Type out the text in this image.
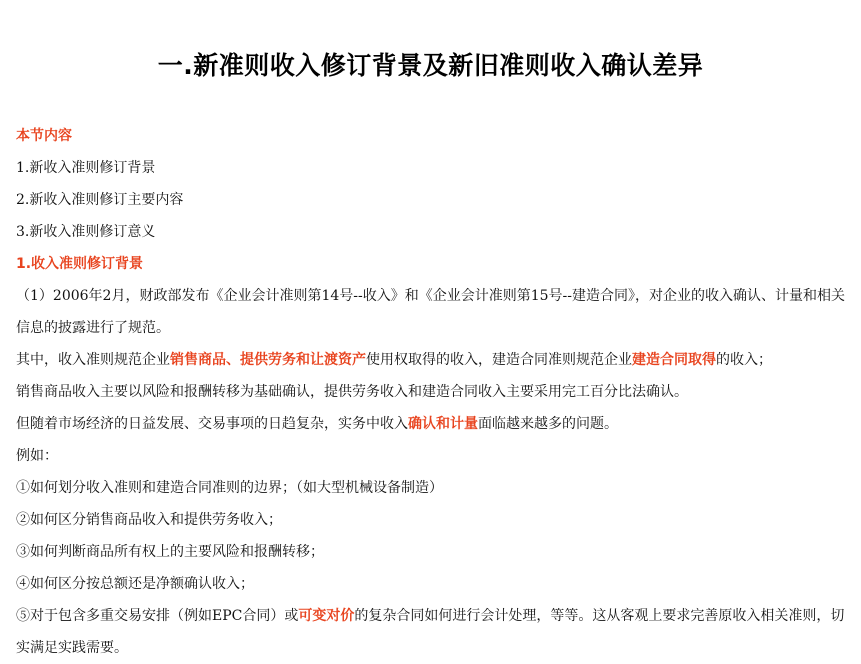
一.新准则收入修订背景及新旧准则收入确认差异
本节内容
1.新收入准则修订背景
2.新收入准则修订主要内容
3.新收入准则修订意义
1.收入准则修订背景
（1）2006年2月，财政部发布《企业会计准则第14号--收入》和《企业会计准则第15号--建造合同》，对企业的收入确认、计量和相关信息的披露进行了规范。
其中，收入准则规范企业销售商品、提供劳务和让渡资产使用权取得的收入，建造合同准则规范企业建造合同取得的收入；
销售商品收入主要以风险和报酬转移为基础确认，提供劳务收入和建造合同收入主要采用完工百分比法确认。
但随着市场经济的日益发展、交易事项的日趋复杂，实务中收入确认和计量面临越来越多的问题。
例如：
①如何划分收入准则和建造合同准则的边界；（如大型机械设备制造）
②如何区分销售商品收入和提供劳务收入；
③如何判断商品所有权上的主要风险和报酬转移；
④如何区分按总额还是净额确认收入；
⑤对于包含多重交易安排（例如EPC合同）或可变对价的复杂合同如何进行会计处理，等等。这从客观上要求完善原收入相关准则，切实满足实践需要。
